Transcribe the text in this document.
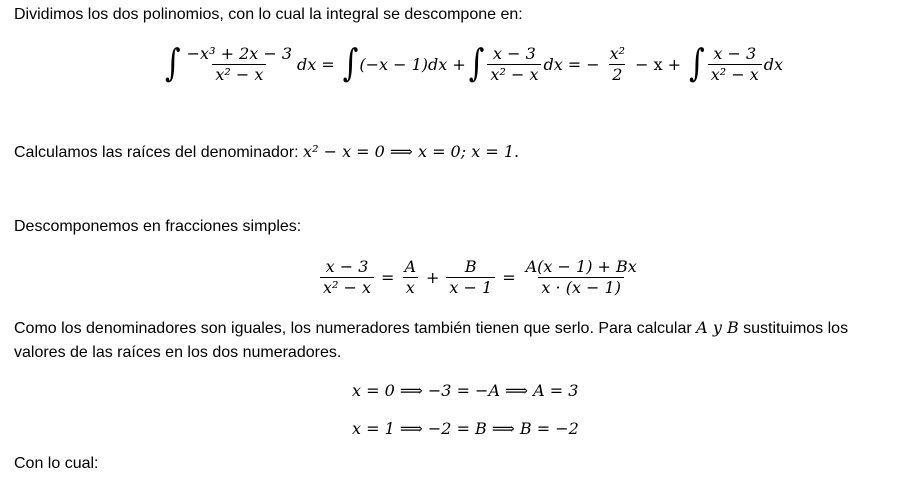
Dividimos los dos polinomios, con lo cual la integral se descompone en:
∫ $\frac{\text{−x³ + 2x − 3}}{\text{x² − x}}$ dx = ∫ (−x − 1)dx + ∫ $\frac{x - 3}{\text{x² − x}}$ dx = − $\frac{\text{x²}}{2} - x$ + ∫ $\frac{x - 3}{\text{x² − x}}$ dx
Calculamos las raíces del denominador: x² − x = 0 ⟹ x = 0; x = 1.
Descomponemos en fracciones simples:
$\frac{x - 3}{\text{x² − x}} = \frac{A}{x} + \frac{B}{x - 1} = \frac{A(x - 1) + Bx}{x \cdot (x - 1)}$
Como los denominadores son iguales, los numeradores también tienen que serlo. Para calcular A y B sustituimos los valores de las raíces en los dos numeradores.
x = 0 ⟹ −3 = −A ⟹ A = 3
x = 1 ⟹ −2 = B ⟹ B = −2
Con lo cual:
